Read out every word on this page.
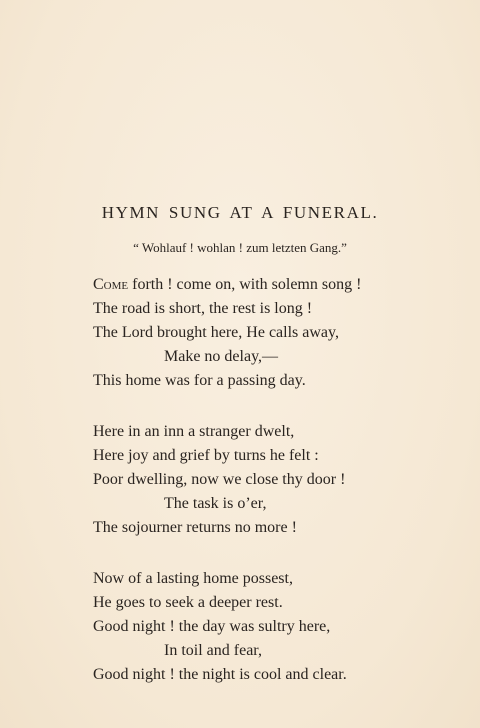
HYMN SUNG AT A FUNERAL.
“ Wohlauf ! wohlan ! zum letzten Gang.”
Come forth ! come on, with solemn song !
The road is short, the rest is long !
The Lord brought here, He calls away,
Make no delay,—
This home was for a passing day.
Here in an inn a stranger dwelt,
Here joy and grief by turns he felt :
Poor dwelling, now we close thy door !
The task is o’er,
The sojourner returns no more !
Now of a lasting home possest,
He goes to seek a deeper rest.
Good night ! the day was sultry here,
In toil and fear,
Good night ! the night is cool and clear.
